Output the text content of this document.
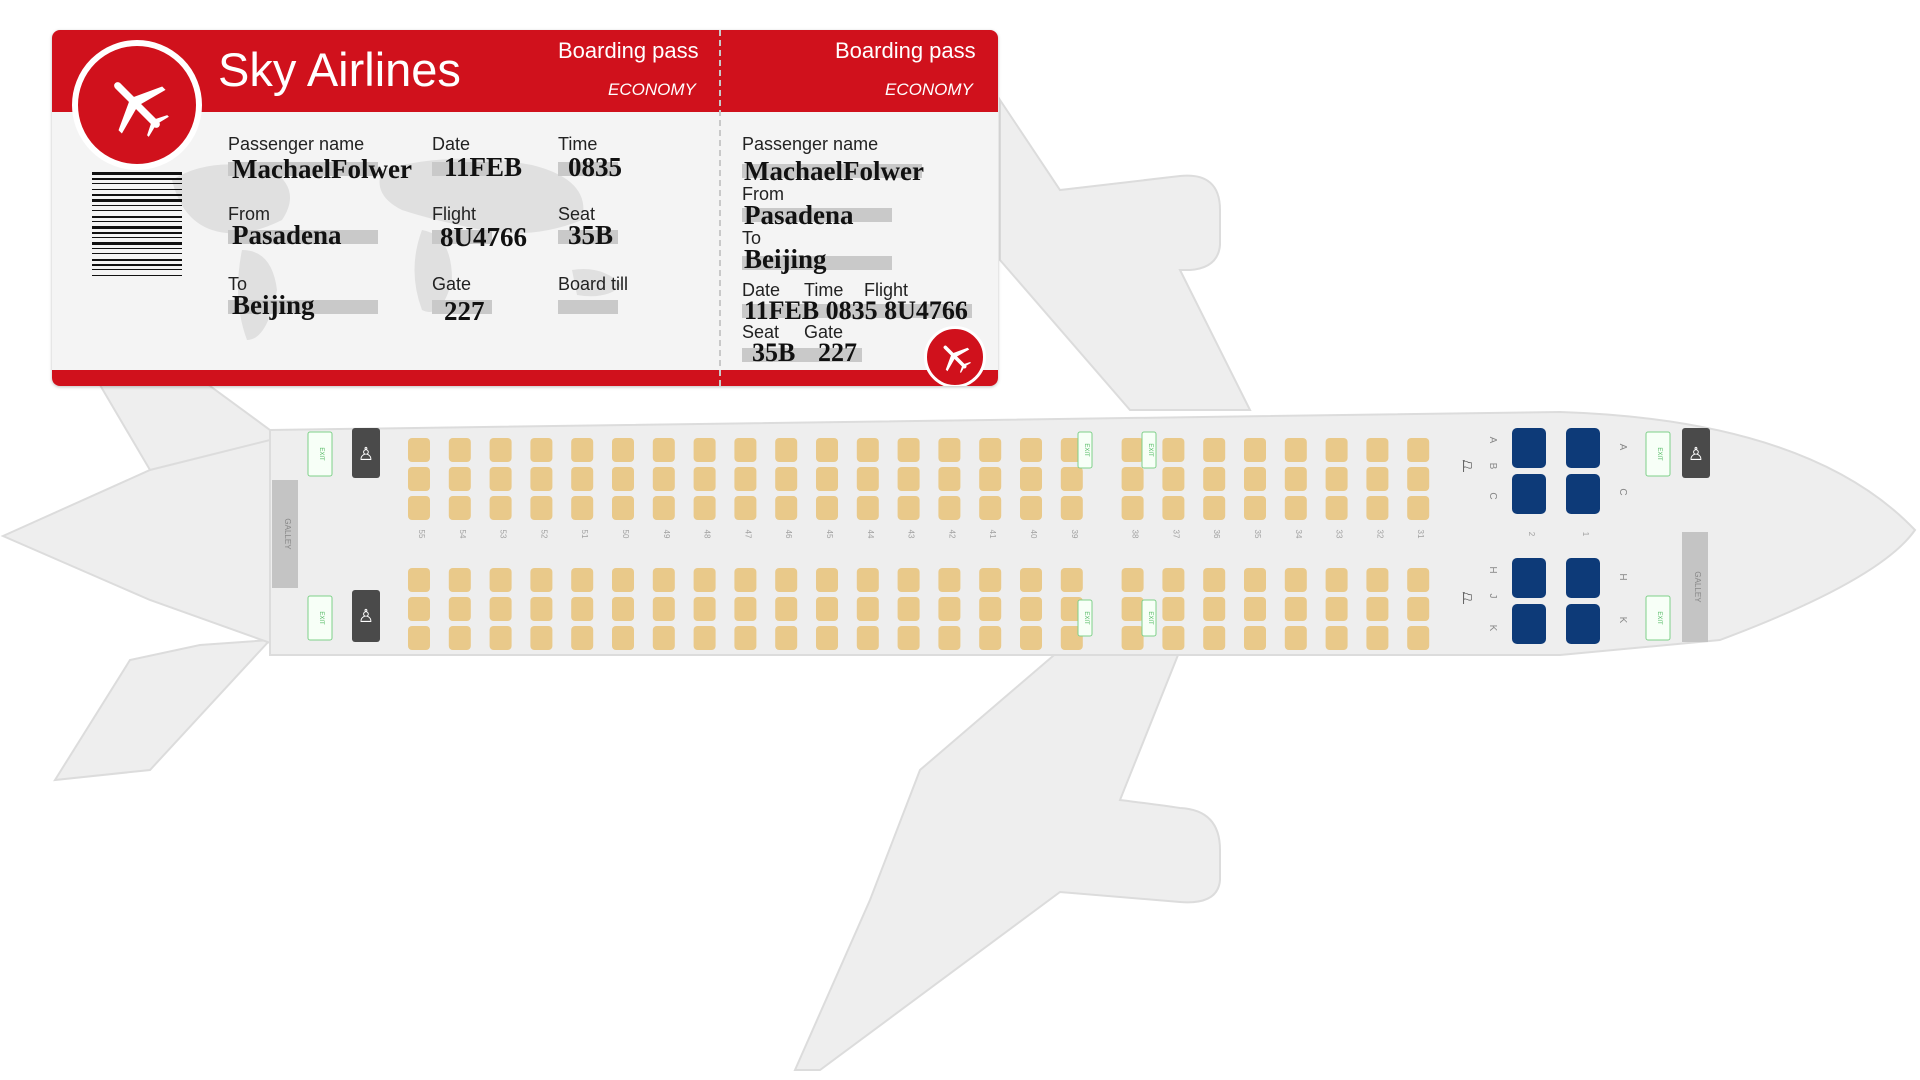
55	54	53	52	51	50	49	48	47	46	45	44	43	42	41	40	39	38	37	36	35	34	33	32	31	2	1
A
B
C
H
J
K
A
C
H
K
♙
♙
♙
GALLEY
GALLEY
EXIT
EXIT
EXIT
EXIT
EXIT
EXIT
EXIT
EXIT
⚐
⚐
Sky Airlines	Boarding pass
ECONOMY
Boarding pass
ECONOMY
Passenger name
MachaelFolwer
Date
11FEB
Time
0835
From
Pasadena
Flight
8U4766
Seat
35B
To
Beijing
Gate
227
Board till
Passenger name
MachaelFolwer
From
Pasadena
To
Beijing
Date Time Flight
11FEB 0835 8U4766
Seat Gate
35B 227
